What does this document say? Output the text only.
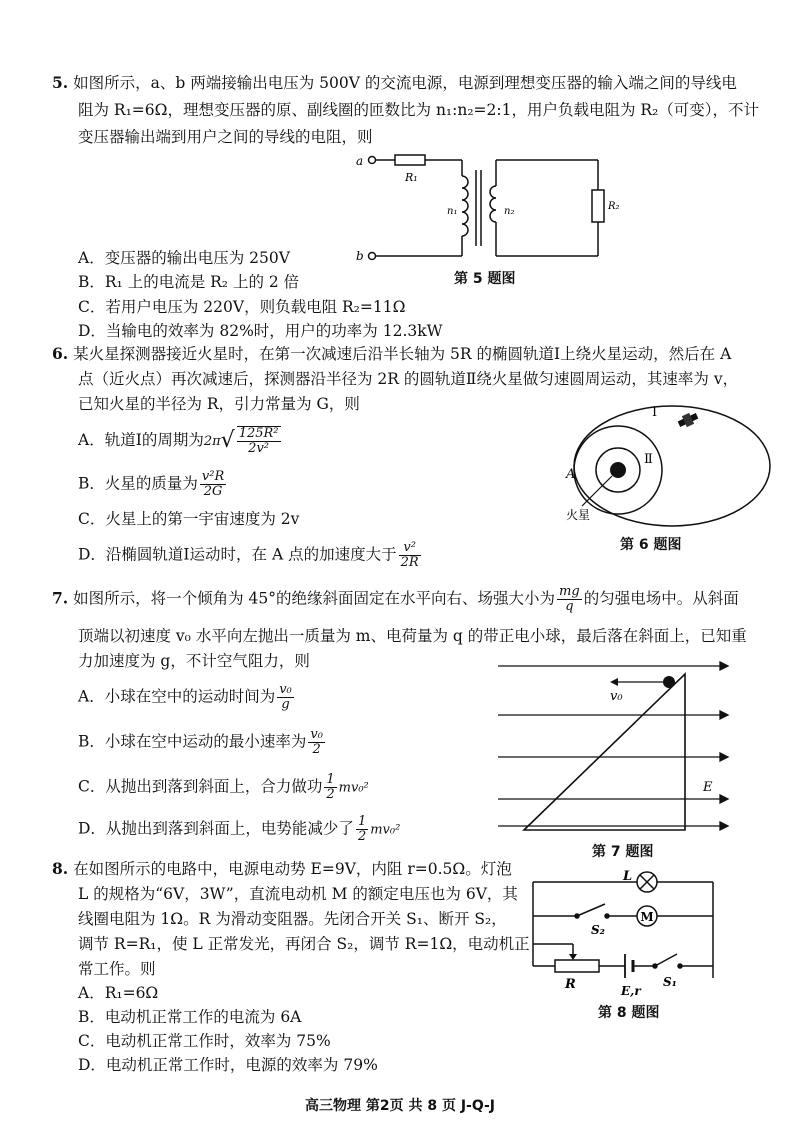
5. 如图所示，a、b 两端接输出电压为 500V 的交流电源，电源到理想变压器的输入端之间的导线电
阻为 R₁=6Ω，理想变压器的原、副线圈的匝数比为 n₁:n₂=2:1，用户负载电阻为 R₂（可变），不计
变压器输出端到用户之间的导线的电阻，则
a
b
R₁
n₁	n₂	R₂
A．变压器的输出电压为 250V
B．R₁ 上的电流是 R₂ 上的 2 倍
C．若用户电压为 220V，则负载电阻 R₂=11Ω
D．当输电的效率为 82%时，用户的功率为 12.3kW
第 5 题图
6. 某火星探测器接近火星时，在第一次减速后沿半长轴为 5R 的椭圆轨道Ⅰ上绕火星运动，然后在 A
点（近火点）再次减速后，探测器沿半径为 2R 的圆轨道Ⅱ绕火星做匀速圆周运动，其速率为 v，
已知火星的半径为 R，引力常量为 G，则
A．轨道Ⅰ的周期为$2\pi√ \frac{\text{125R²}}{\text{2v²}}$
B．火星的质量为 $\frac{\text{v²R}}{2G}$
C．火星上的第一宇宙速度为 2v
D．沿椭圆轨道Ⅰ运动时，在 A 点的加速度大于 $\frac{\text{v²}}{2R}$
Ⅰ
Ⅱ
A
火星
第 6 题图
7. 如图所示，将一个倾角为 45°的绝缘斜面固定在水平向右、场强大小为 $\frac{mg}{q}$ 的匀强电场中。从斜面
顶端以初速度 v₀ 水平向左抛出一质量为 m、电荷量为 q 的带正电小球，最后落在斜面上，已知重
力加速度为 g，不计空气阻力，则
A．小球在空中的运动时间为 $\frac{\text{v₀}}{g}$
B．小球在空中运动的最小速率为 $\frac{\text{v₀}}{2}$
C．从抛出到落到斜面上，合力做功 $\frac{1}{2} mv_0^2$
D．从抛出到落到斜面上，电势能减少了 $\frac{1}{2} mv_0^2$
v₀
E
第 7 题图
8. 在如图所示的电路中，电源电动势 E=9V，内阻 r=0.5Ω。灯泡
L 的规格为“6V，3W”，直流电动机 M 的额定电压也为 6V，其
线圈电阻为 1Ω。R 为滑动变阻器。先闭合开关 S₁、断开 S₂，
调节 R=R₁，使 L 正常发光，再闭合 S₂，调节 R=1Ω，电动机正
常工作。则
A．R₁=6Ω
B．电动机正常工作的电流为 6A
C．电动机正常工作时，效率为 75%
D．电动机正常工作时，电源的效率为 79%
M
L
S₂
R	E,r
S₁
第 8 题图
高三物理 第2页 共 8 页 J-Q-J
